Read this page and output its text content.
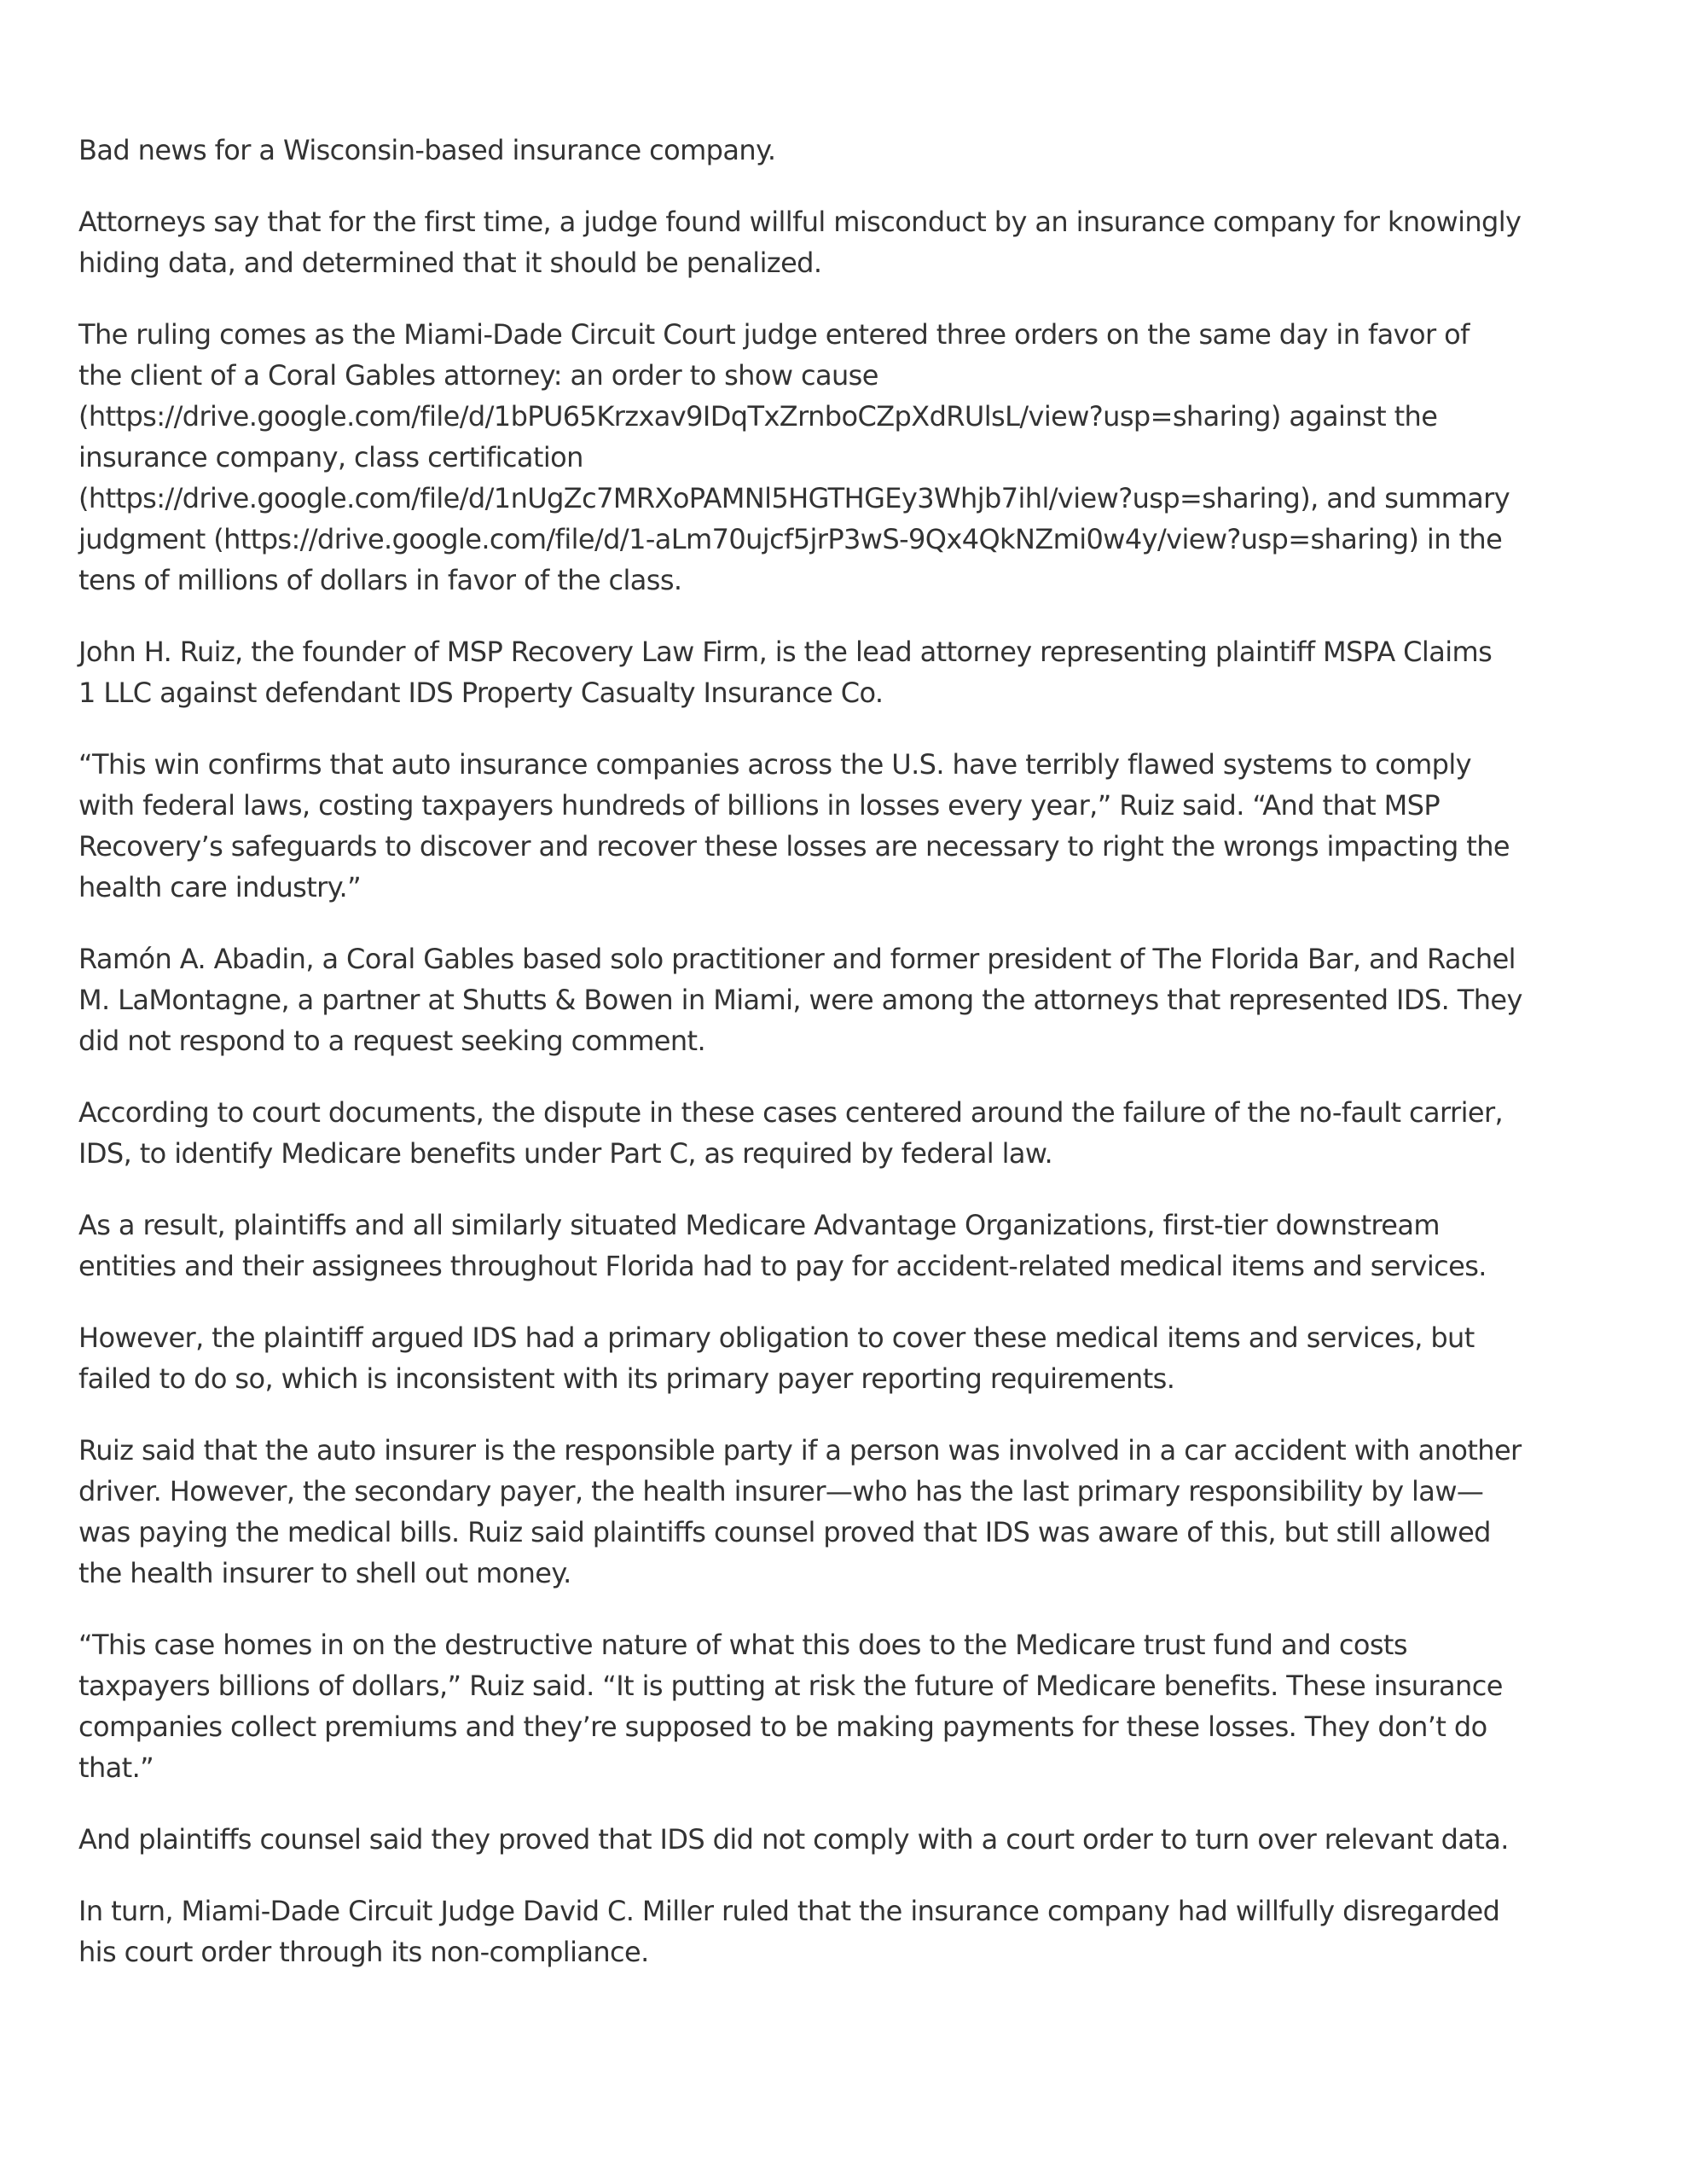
Bad news for a Wisconsin-based insurance company.

Attorneys say that for the first time, a judge found willful misconduct by an insurance company for knowingly
hiding data, and determined that it should be penalized.

The ruling comes as the Miami-Dade Circuit Court judge entered three orders on the same day in favor of
the client of a Coral Gables attorney: an order to show cause
(https://drive.google.com/file/d/1bPU65Krzxav9IDqTxZrnboCZpXdRUlsL/view?usp=sharing) against the
insurance company, class certification
(https://drive.google.com/file/d/1nUgZc7MRXoPAMNl5HGTHGEy3Whjb7ihl/view?usp=sharing), and summary
judgment (https://drive.google.com/file/d/1-aLm70ujcf5jrP3wS-9Qx4QkNZmi0w4y/view?usp=sharing) in the
tens of millions of dollars in favor of the class.

John H. Ruiz, the founder of MSP Recovery Law Firm, is the lead attorney representing plaintiff MSPA Claims
1 LLC against defendant IDS Property Casualty Insurance Co.

“This win confirms that auto insurance companies across the U.S. have terribly flawed systems to comply
with federal laws, costing taxpayers hundreds of billions in losses every year,” Ruiz said. “And that MSP
Recovery’s safeguards to discover and recover these losses are necessary to right the wrongs impacting the
health care industry.”

Ramón A. Abadin, a Coral Gables based solo practitioner and former president of The Florida Bar, and Rachel
M. LaMontagne, a partner at Shutts & Bowen in Miami, were among the attorneys that represented IDS. They
did not respond to a request seeking comment.

According to court documents, the dispute in these cases centered around the failure of the no-fault carrier,
IDS, to identify Medicare benefits under Part C, as required by federal law.

As a result, plaintiffs and all similarly situated Medicare Advantage Organizations, first-tier downstream
entities and their assignees throughout Florida had to pay for accident-related medical items and services.

However, the plaintiff argued IDS had a primary obligation to cover these medical items and services, but
failed to do so, which is inconsistent with its primary payer reporting requirements.

Ruiz said that the auto insurer is the responsible party if a person was involved in a car accident with another
driver. However, the secondary payer, the health insurer—who has the last primary responsibility by law—
was paying the medical bills. Ruiz said plaintiffs counsel proved that IDS was aware of this, but still allowed
the health insurer to shell out money.

“This case homes in on the destructive nature of what this does to the Medicare trust fund and costs
taxpayers billions of dollars,” Ruiz said. “It is putting at risk the future of Medicare benefits. These insurance
companies collect premiums and they’re supposed to be making payments for these losses. They don’t do
that.”

And plaintiffs counsel said they proved that IDS did not comply with a court order to turn over relevant data.

In turn, Miami-Dade Circuit Judge David C. Miller ruled that the insurance company had willfully disregarded
his court order through its non-compliance.
